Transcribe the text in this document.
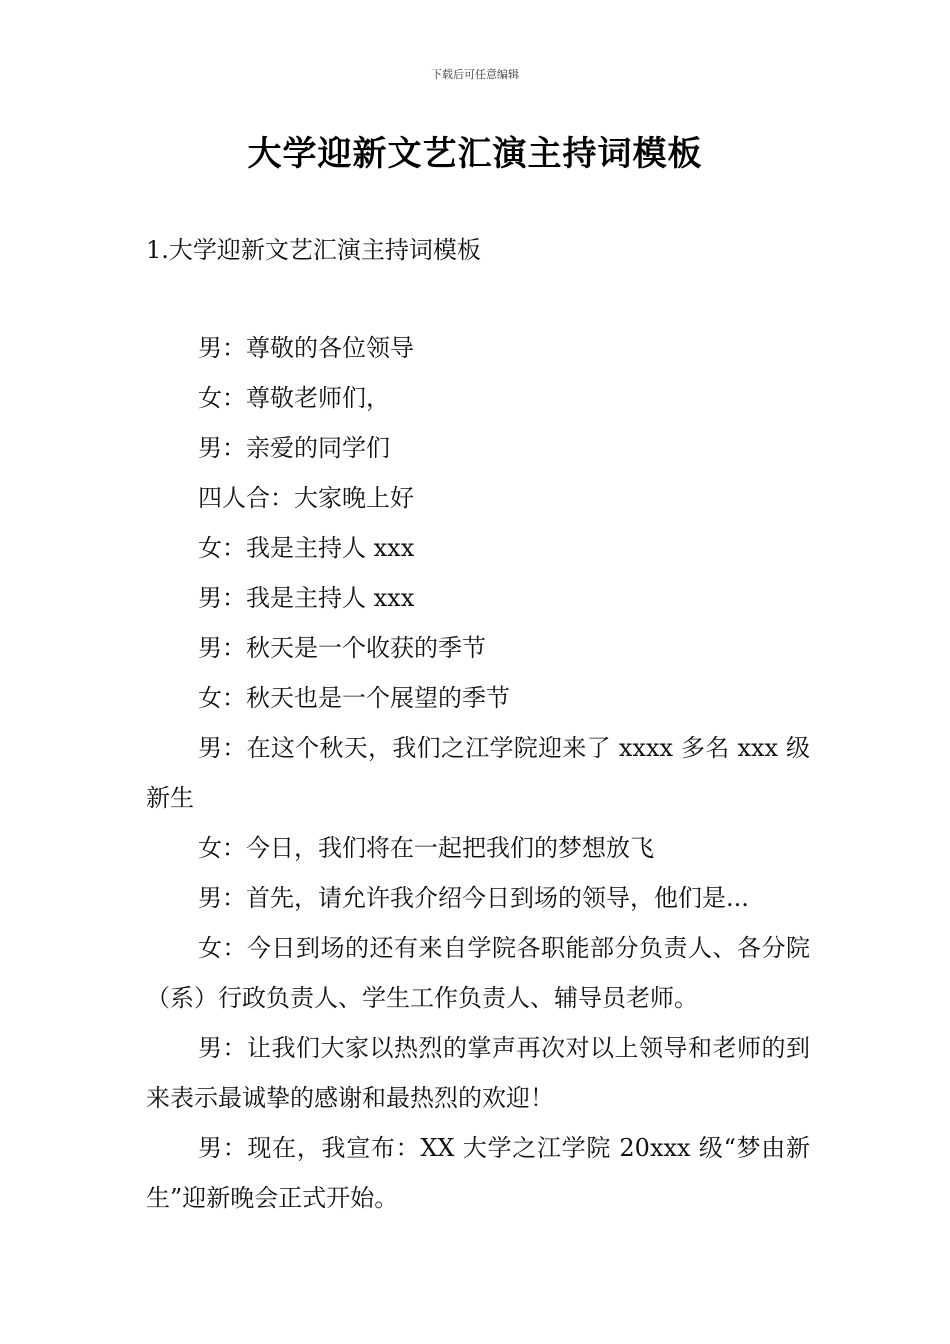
下载后可任意编辑
大学迎新文艺汇演主持词模板
1.大学迎新文艺汇演主持词模板

男：尊敬的各位领导

女：尊敬老师们，

男：亲爱的同学们

四人合：大家晚上好

女：我是主持人 xxx

男：我是主持人 xxx

男：秋天是一个收获的季节

女：秋天也是一个展望的季节

男：在这个秋天，我们之江学院迎来了 xxxx 多名 xxx 级新生

女：今日，我们将在一起把我们的梦想放飞

男：首先，请允许我介绍今日到场的领导，他们是...

女：今日到场的还有来自学院各职能部分负责人、各分院（系）行政负责人、学生工作负责人、辅导员老师。

男：让我们大家以热烈的掌声再次对以上领导和老师的到来表示最诚挚的感谢和最热烈的欢迎！

男：现在，我宣布：XX 大学之江学院 20xxx 级“梦由新生”迎新晚会正式开始。
